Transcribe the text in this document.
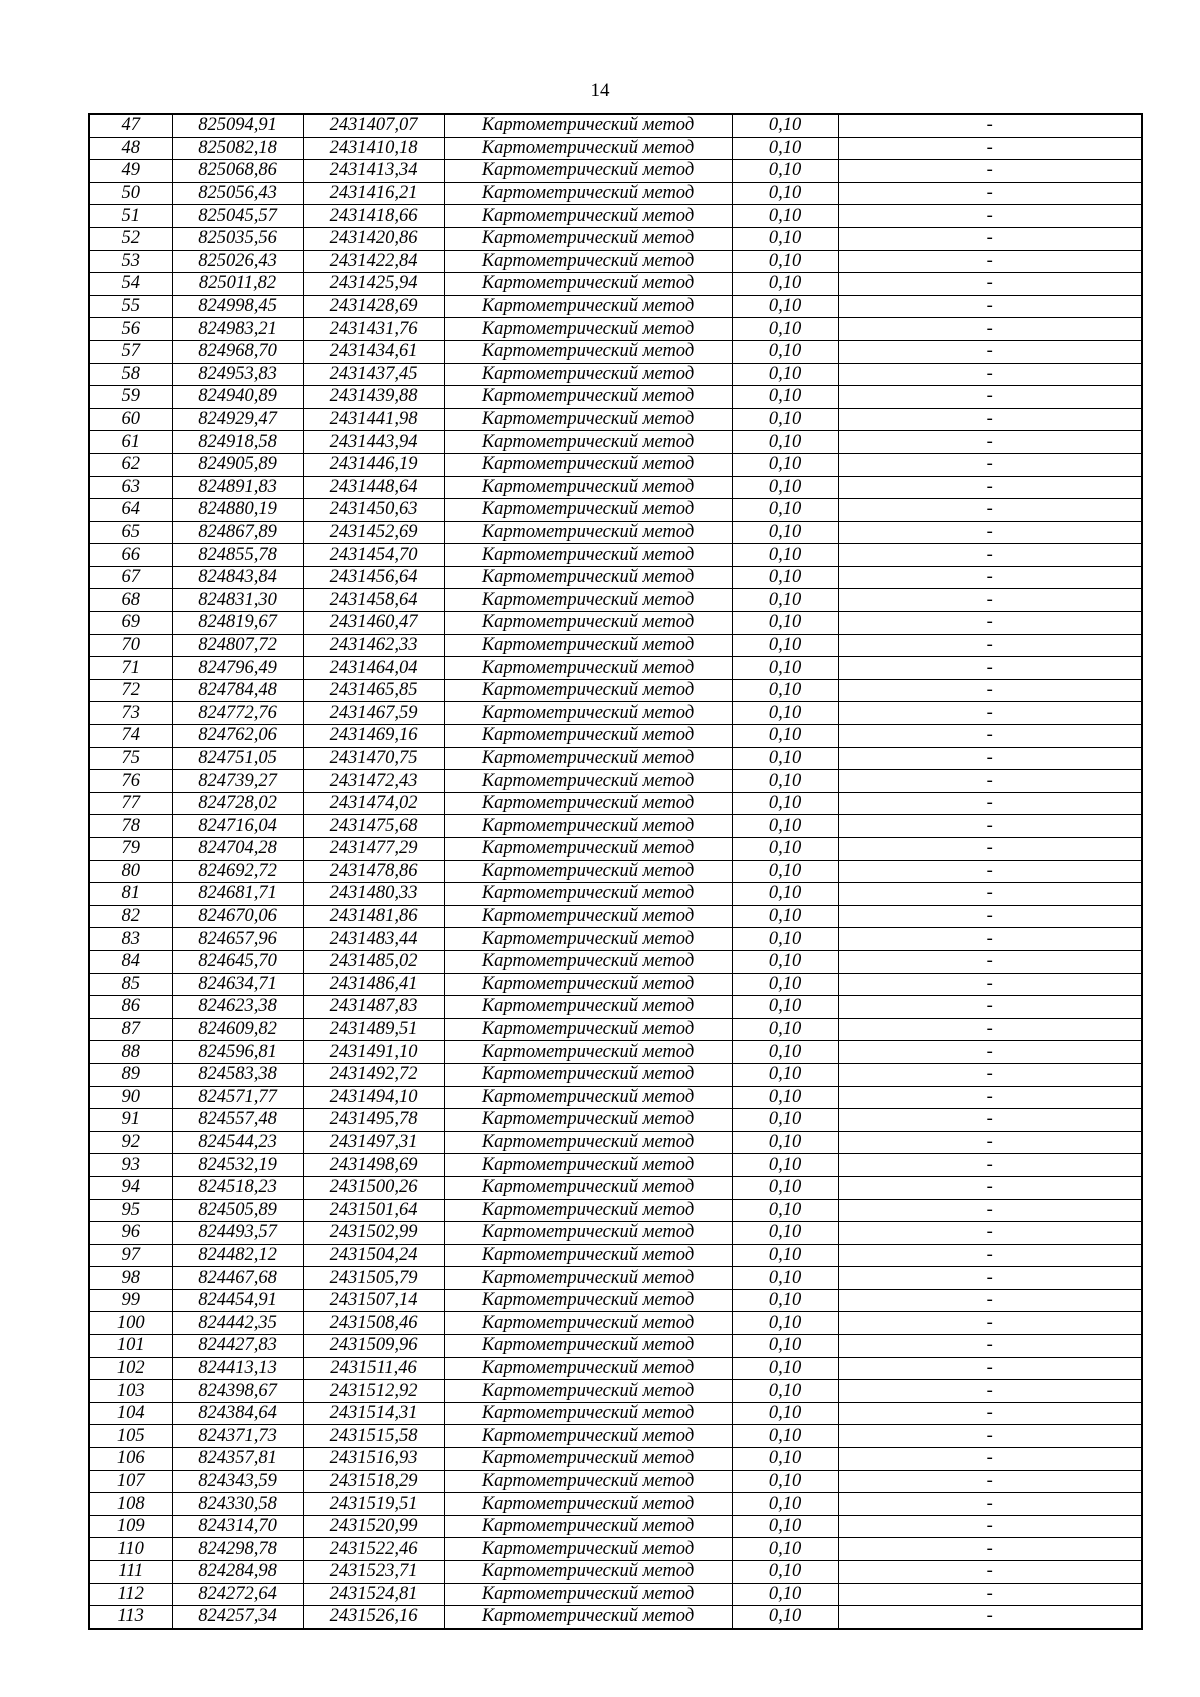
14
47	825094,91	2431407,07	Картометрический метод	0,10	-
48	825082,18	2431410,18	Картометрический метод	0,10	-
49	825068,86	2431413,34	Картометрический метод	0,10	-
50	825056,43	2431416,21	Картометрический метод	0,10	-
51	825045,57	2431418,66	Картометрический метод	0,10	-
52	825035,56	2431420,86	Картометрический метод	0,10	-
53	825026,43	2431422,84	Картометрический метод	0,10	-
54	825011,82	2431425,94	Картометрический метод	0,10	-
55	824998,45	2431428,69	Картометрический метод	0,10	-
56	824983,21	2431431,76	Картометрический метод	0,10	-
57	824968,70	2431434,61	Картометрический метод	0,10	-
58	824953,83	2431437,45	Картометрический метод	0,10	-
59	824940,89	2431439,88	Картометрический метод	0,10	-
60	824929,47	2431441,98	Картометрический метод	0,10	-
61	824918,58	2431443,94	Картометрический метод	0,10	-
62	824905,89	2431446,19	Картометрический метод	0,10	-
63	824891,83	2431448,64	Картометрический метод	0,10	-
64	824880,19	2431450,63	Картометрический метод	0,10	-
65	824867,89	2431452,69	Картометрический метод	0,10	-
66	824855,78	2431454,70	Картометрический метод	0,10	-
67	824843,84	2431456,64	Картометрический метод	0,10	-
68	824831,30	2431458,64	Картометрический метод	0,10	-
69	824819,67	2431460,47	Картометрический метод	0,10	-
70	824807,72	2431462,33	Картометрический метод	0,10	-
71	824796,49	2431464,04	Картометрический метод	0,10	-
72	824784,48	2431465,85	Картометрический метод	0,10	-
73	824772,76	2431467,59	Картометрический метод	0,10	-
74	824762,06	2431469,16	Картометрический метод	0,10	-
75	824751,05	2431470,75	Картометрический метод	0,10	-
76	824739,27	2431472,43	Картометрический метод	0,10	-
77	824728,02	2431474,02	Картометрический метод	0,10	-
78	824716,04	2431475,68	Картометрический метод	0,10	-
79	824704,28	2431477,29	Картометрический метод	0,10	-
80	824692,72	2431478,86	Картометрический метод	0,10	-
81	824681,71	2431480,33	Картометрический метод	0,10	-
82	824670,06	2431481,86	Картометрический метод	0,10	-
83	824657,96	2431483,44	Картометрический метод	0,10	-
84	824645,70	2431485,02	Картометрический метод	0,10	-
85	824634,71	2431486,41	Картометрический метод	0,10	-
86	824623,38	2431487,83	Картометрический метод	0,10	-
87	824609,82	2431489,51	Картометрический метод	0,10	-
88	824596,81	2431491,10	Картометрический метод	0,10	-
89	824583,38	2431492,72	Картометрический метод	0,10	-
90	824571,77	2431494,10	Картометрический метод	0,10	-
91	824557,48	2431495,78	Картометрический метод	0,10	-
92	824544,23	2431497,31	Картометрический метод	0,10	-
93	824532,19	2431498,69	Картометрический метод	0,10	-
94	824518,23	2431500,26	Картометрический метод	0,10	-
95	824505,89	2431501,64	Картометрический метод	0,10	-
96	824493,57	2431502,99	Картометрический метод	0,10	-
97	824482,12	2431504,24	Картометрический метод	0,10	-
98	824467,68	2431505,79	Картометрический метод	0,10	-
99	824454,91	2431507,14	Картометрический метод	0,10	-
100	824442,35	2431508,46	Картометрический метод	0,10	-
101	824427,83	2431509,96	Картометрический метод	0,10	-
102	824413,13	2431511,46	Картометрический метод	0,10	-
103	824398,67	2431512,92	Картометрический метод	0,10	-
104	824384,64	2431514,31	Картометрический метод	0,10	-
105	824371,73	2431515,58	Картометрический метод	0,10	-
106	824357,81	2431516,93	Картометрический метод	0,10	-
107	824343,59	2431518,29	Картометрический метод	0,10	-
108	824330,58	2431519,51	Картометрический метод	0,10	-
109	824314,70	2431520,99	Картометрический метод	0,10	-
110	824298,78	2431522,46	Картометрический метод	0,10	-
111	824284,98	2431523,71	Картометрический метод	0,10	-
112	824272,64	2431524,81	Картометрический метод	0,10	-
113	824257,34	2431526,16	Картометрический метод	0,10	-
